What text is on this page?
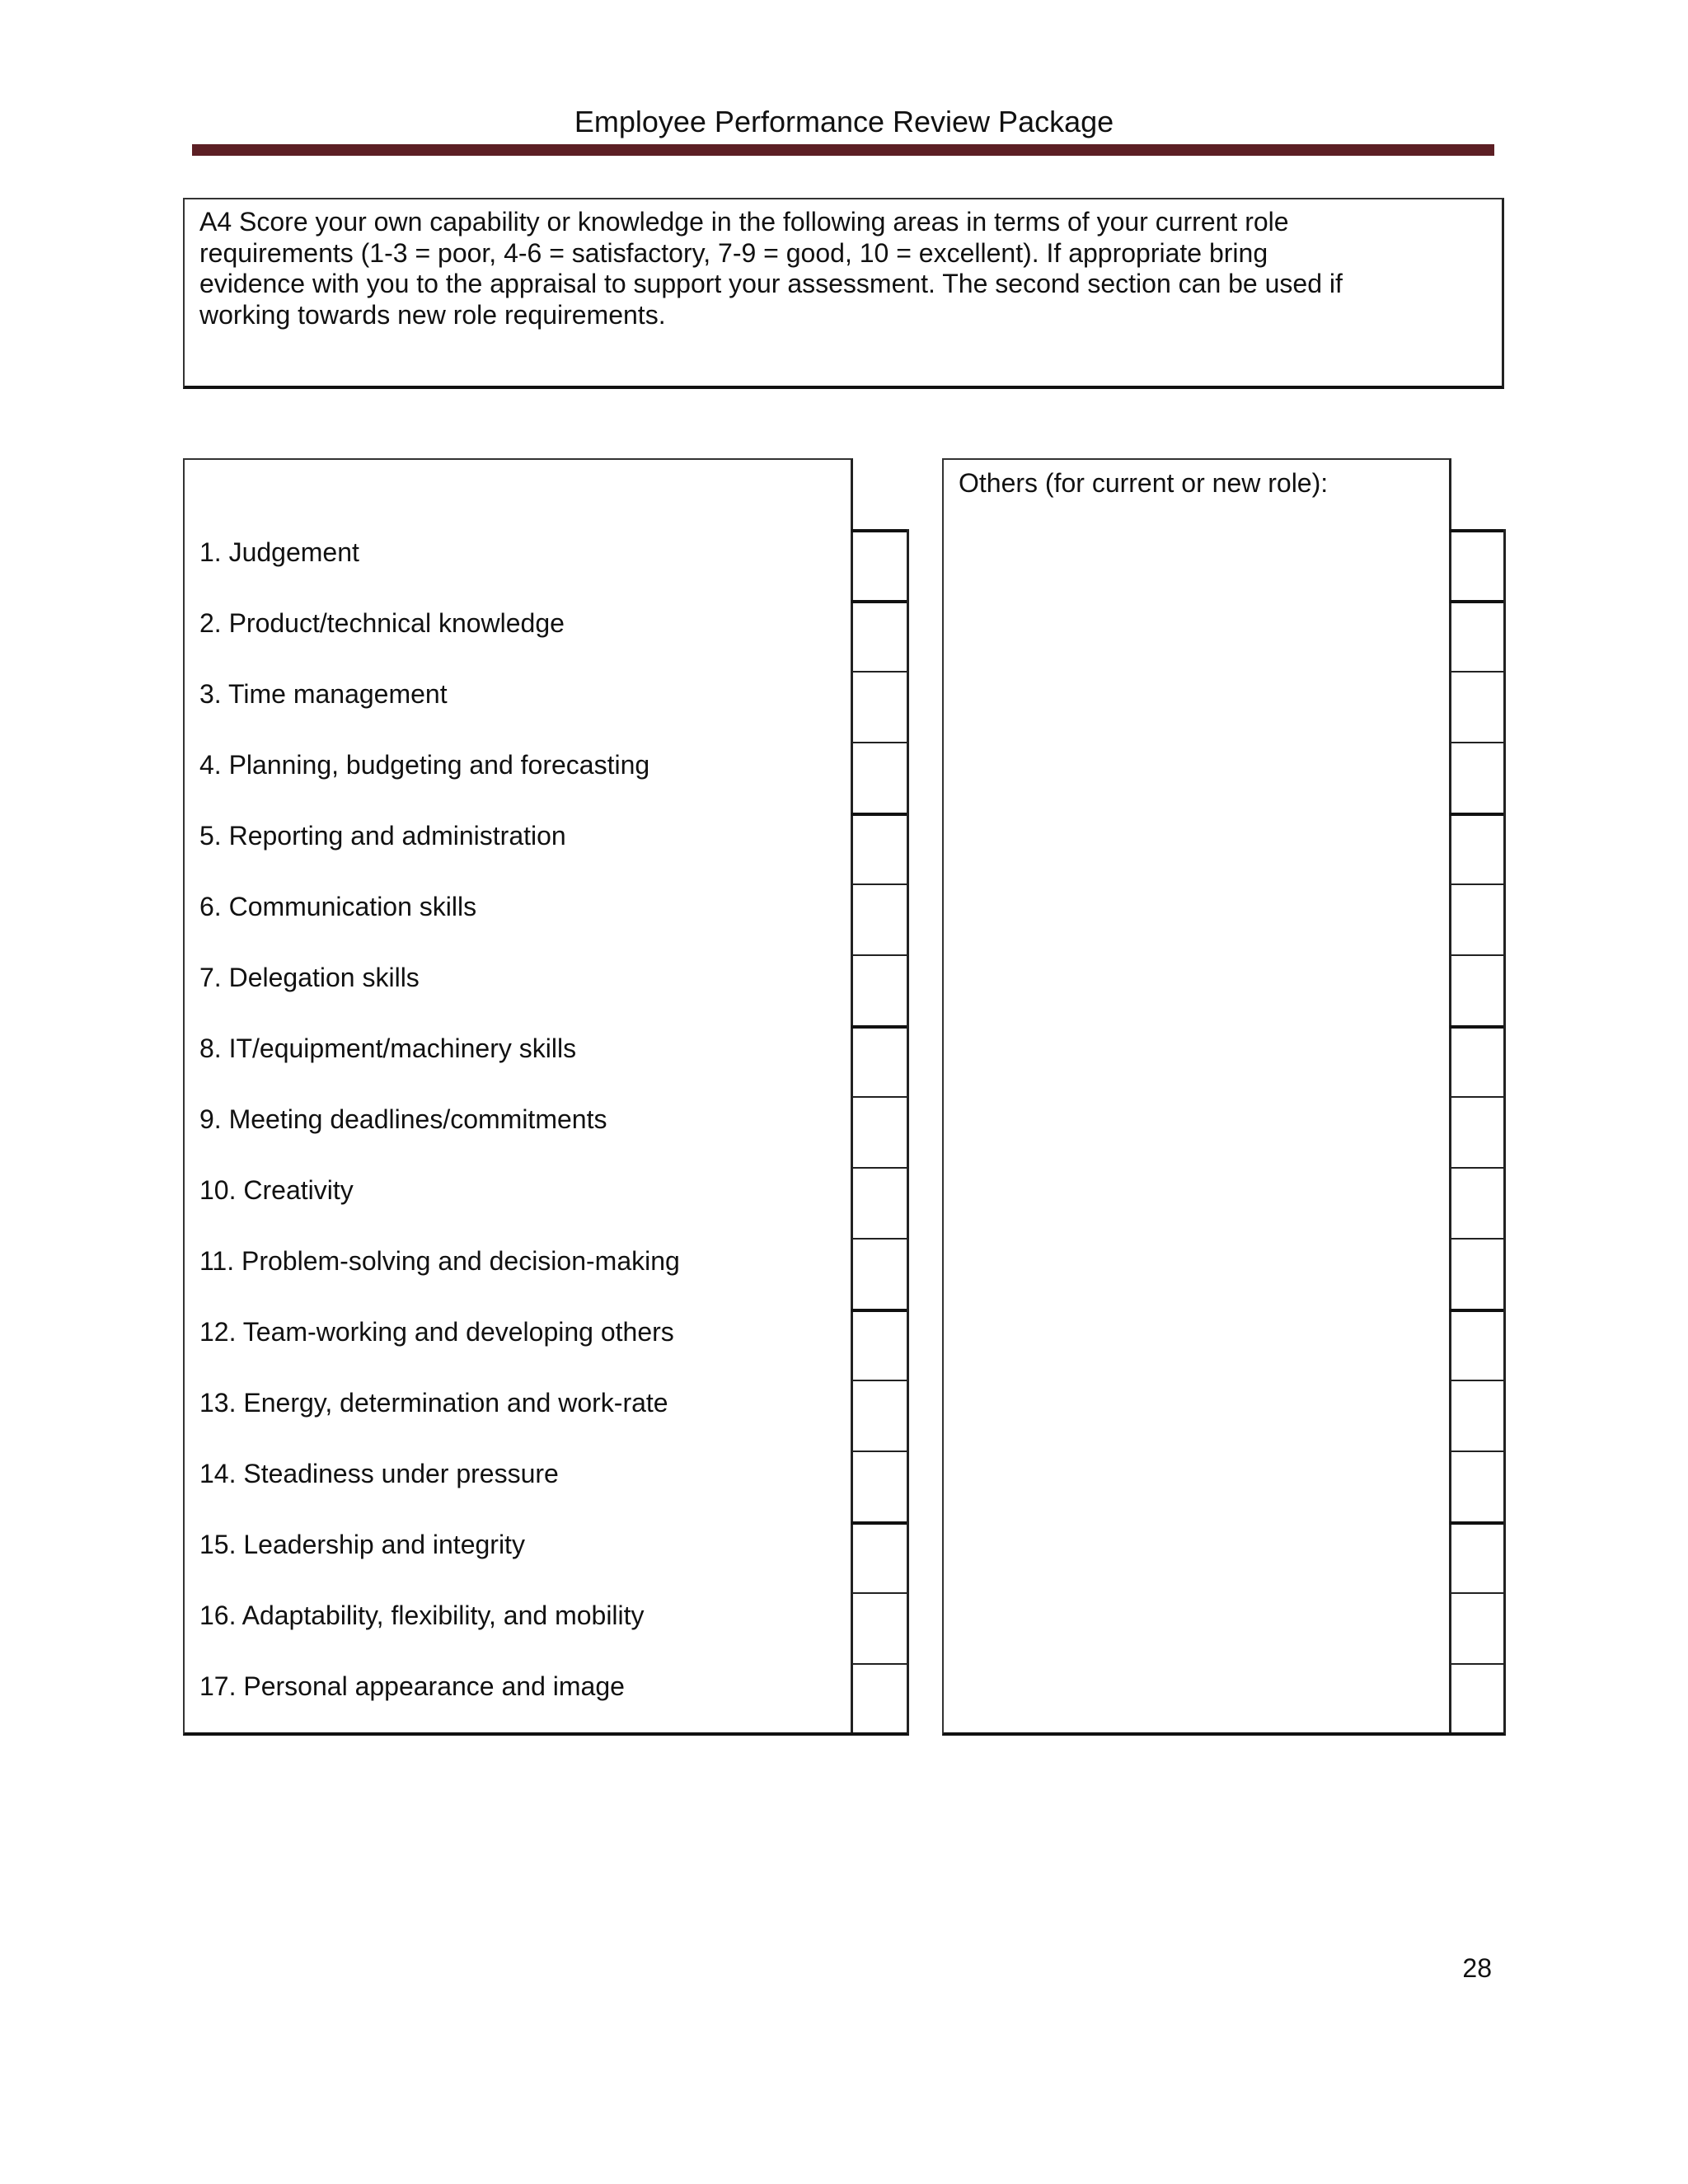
Employee Performance Review Package

A4 Score your own capability or knowledge in the following areas in terms of your current role requirements (1-3 = poor, 4-6 = satisfactory, 7-9 = good, 10 = excellent). If appropriate bring evidence with you to the appraisal to support your assessment. The second section can be used if working towards new role requirements.

1. Judgement
2. Product/technical knowledge
3. Time management
4. Planning, budgeting and forecasting
5. Reporting and administration
6. Communication skills
7. Delegation skills
8. IT/equipment/machinery skills
9. Meeting deadlines/commitments
10. Creativity
11. Problem-solving and decision-making
12. Team-working and developing others
13. Energy, determination and work-rate
14. Steadiness under pressure
15. Leadership and integrity
16. Adaptability, flexibility, and mobility
17. Personal appearance and image
Others (for current or new role):
28
